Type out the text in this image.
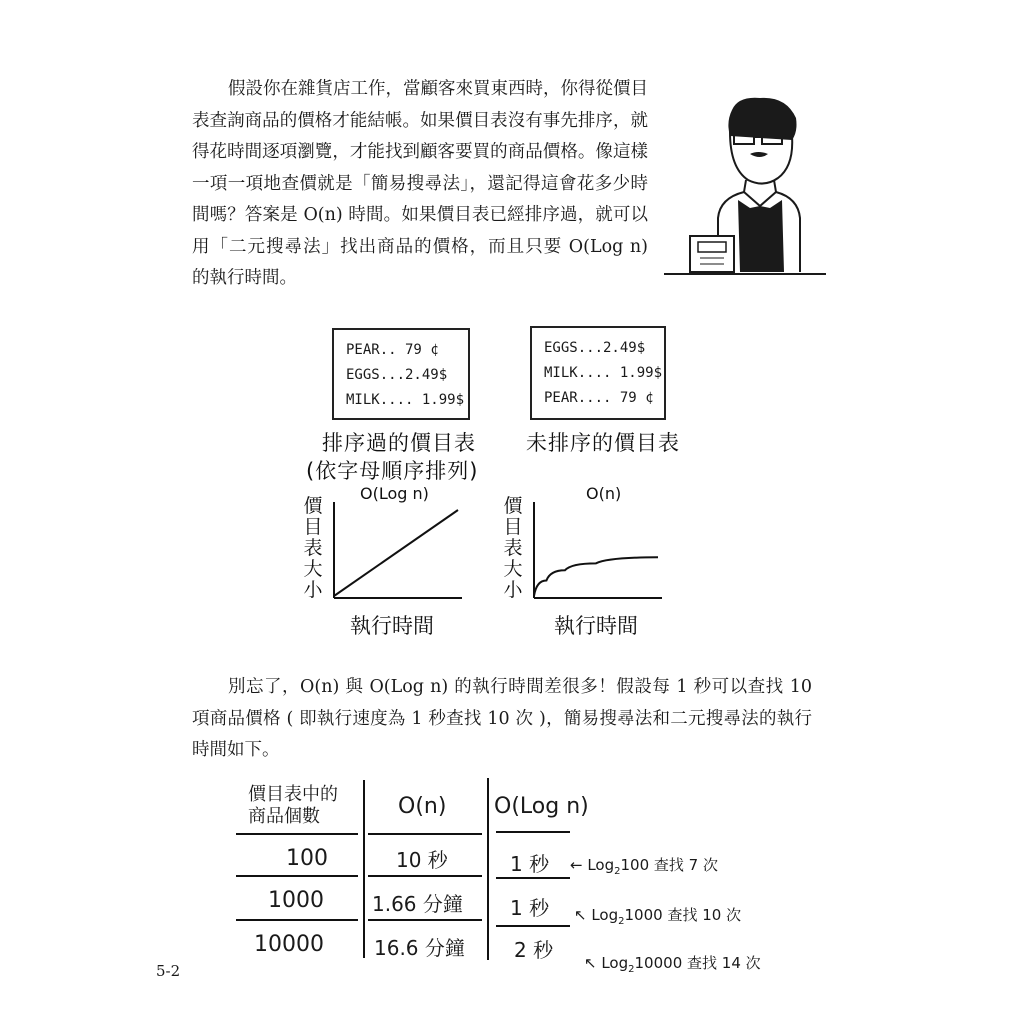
假設你在雜貨店工作，當顧客來買東西時，你得從價目表查詢商品的價格才能結帳。如果價目表沒有事先排序，就得花時間逐項瀏覽，才能找到顧客要買的商品價格。像這樣一項一項地查價就是「簡易搜尋法」，還記得這會花多少時間嗎？答案是 O(n) 時間。如果價目表已經排序過，就可以用「二元搜尋法」找出商品的價格，而且只要 O(Log n) 的執行時間。

PEAR.. 79 ¢
EGGS...2.49$
MILK.... 1.99$
EGGS...2.49$
MILK.... 1.99$
PEAR.... 79 ¢
排序過的價目表
(依字母順序排列)
未排序的價目表
O(Log n)
價目表大小
執行時間
O(n)
價目表大小
執行時間

別忘了，O(n) 與 O(Log n) 的執行時間差很多！假設每 1 秒可以查找 10 項商品價格 ( 即執行速度為 1 秒查找 10 次 )，簡易搜尋法和二元搜尋法的執行時間如下。

價目表中的
商品個數	O(n) O(Log n)
100	10 秒	1 秒 ← Log$_2$100 查找 7 次
1000 1.66 分鐘 1 秒 ↖ Log$_2$1000 查找 10 次
10000	16.6 分鐘 2 秒
↖ Log$_2$10000 查找 14 次
5-2
